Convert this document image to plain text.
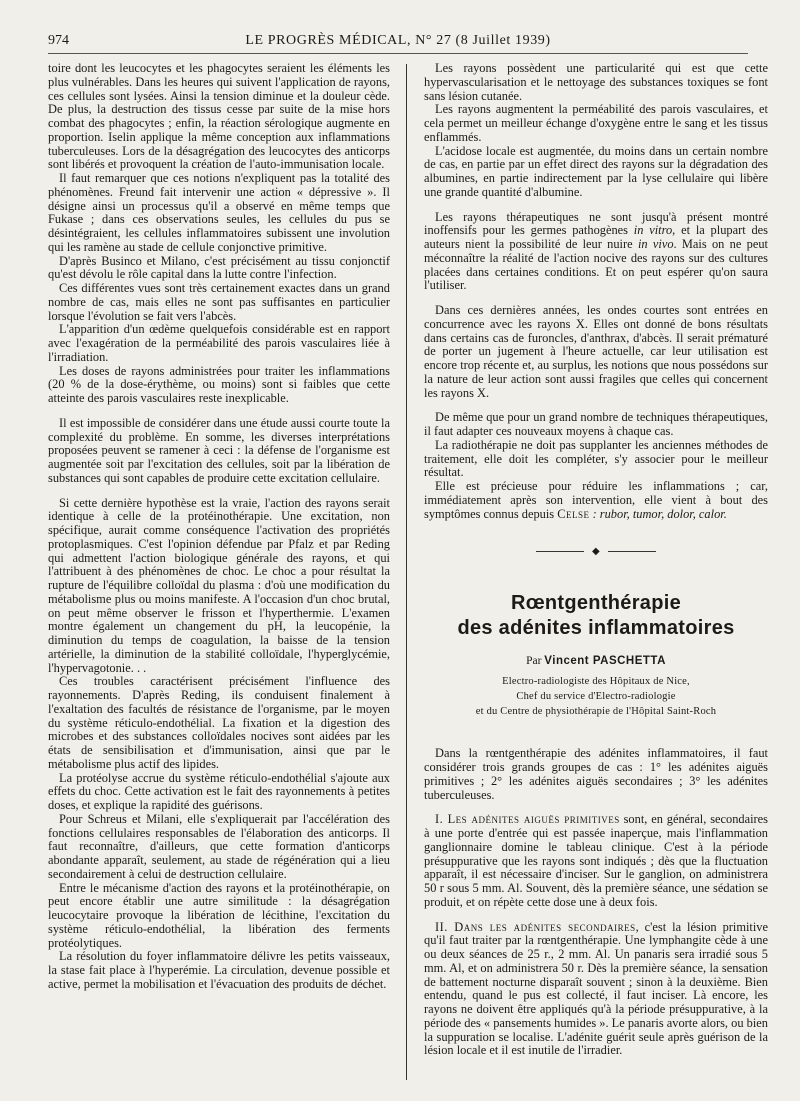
974	LE PROGRÈS MÉDICAL, N° 27 (8 Juillet 1939)

toire dont les leucocytes et les phagocytes seraient les éléments les plus vulnérables. Dans les heures qui suivent l'application de rayons, ces cellules sont lysées. Ainsi la tension diminue et la douleur cède. De plus, la destruction des tissus cesse par suite de la mise hors combat des phagocytes ; enfin, la réaction sérologique augmente en proportion. Iselin applique la même conception aux inflammations tuberculeuses. Lors de la désagrégation des leucocytes des anticorps sont libérés et provoquent la création de l'auto-immunisation locale.

Il faut remarquer que ces notions n'expliquent pas la totalité des phénomènes. Freund fait intervenir une action « dépressive ». Il désigne ainsi un processus qu'il a observé en même temps que Fukase ; dans ces observations seules, les cellules du pus se désintégraient, les cellules inflammatoires subissent une involution qui les ramène au stade de cellule conjonctive primitive.

D'après Businco et Milano, c'est précisément au tissu conjonctif qu'est dévolu le rôle capital dans la lutte contre l'infection.

Ces différentes vues sont très certainement exactes dans un grand nombre de cas, mais elles ne sont pas suffisantes en particulier lorsque l'évolution se fait vers l'abcès.

L'apparition d'un œdème quelquefois considérable est en rapport avec l'exagération de la perméabilité des parois vasculaires liée à l'irradiation.

Les doses de rayons administrées pour traiter les inflammations (20 % de la dose-érythème, ou moins) sont si faibles que cette atteinte des parois vasculaires reste inexplicable.

Il est impossible de considérer dans une étude aussi courte toute la complexité du problème. En somme, les diverses interprétations proposées peuvent se ramener à ceci : la défense de l'organisme est augmentée soit par l'excitation des cellules, soit par la libération de substances qui sont capables de produire cette excitation cellulaire.

Si cette dernière hypothèse est la vraie, l'action des rayons serait identique à celle de la protéinothérapie. Une excitation, non spécifique, aurait comme conséquence l'activation des propriétés protoplasmiques. C'est l'opinion défendue par Pfalz et par Reding qui admettent l'action biologique générale des rayons, et qui l'attribuent à des phénomènes de choc. Le choc a pour résultat la rupture de l'équilibre colloïdal du plasma : d'où une modification du métabolisme plus ou moins manifeste. A l'occasion d'un choc brutal, on peut même observer le frisson et l'hyperthermie. L'examen montre également un changement du pH, la leucopénie, la diminution du temps de coagulation, la baisse de la tension artérielle, la diminution de la stabilité colloïdale, l'hyperglycémie, l'hypervagotonie. . .

Ces troubles caractérisent précisément l'influence des rayonnements. D'après Reding, ils conduisent finalement à l'exaltation des facultés de résistance de l'organisme, par le moyen du système réticulo-endothélial. La fixation et la digestion des microbes et des substances colloïdales nocives sont aidées par les états de sensibilisation et d'immunisation, ainsi que par le métabolisme plus actif des lipides.

La protéolyse accrue du système réticulo-endothélial s'ajoute aux effets du choc. Cette activation est le fait des rayonnements à petites doses, et explique la rapidité des guérisons.

Pour Schreus et Milani, elle s'expliquerait par l'accélération des fonctions cellulaires responsables de l'élaboration des anticorps. Il faut reconnaître, d'ailleurs, que cette formation d'anticorps abondante apparaît, seulement, au stade de régénération qui a lieu secondairement à celui de destruction cellulaire.

Entre le mécanisme d'action des rayons et la protéinothérapie, on peut encore établir une autre similitude : la désagrégation leucocytaire provoque la libération de lécithine, l'excitation du système réticulo-endothélial, la libération des ferments protéolytiques.

La résolution du foyer inflammatoire délivre les petits vaisseaux, la stase fait place à l'hyperémie. La circulation, devenue possible et active, permet la mobilisation et l'évacuation des produits de déchet.

Les rayons possèdent une particularité qui est que cette hypervascularisation et le nettoyage des substances toxiques se font sans lésion cutanée.

Les rayons augmentent la perméabilité des parois vasculaires, et cela permet un meilleur échange d'oxygène entre le sang et les tissus enflammés.

L'acidose locale est augmentée, du moins dans un certain nombre de cas, en partie par un effet direct des rayons sur la dégradation des albumines, en partie indirectement par la lyse cellulaire qui libère une grande quantité d'albumine.

Les rayons thérapeutiques ne sont jusqu'à présent montré inoffensifs pour les germes pathogènes in vitro, et la plupart des auteurs nient la possibilité de leur nuire in vivo. Mais on ne peut méconnaître la réalité de l'action nocive des rayons sur des cultures placées dans certaines conditions. Et on peut espérer qu'on saura l'utiliser.

Dans ces dernières années, les ondes courtes sont entrées en concurrence avec les rayons X. Elles ont donné de bons résultats dans certains cas de furoncles, d'anthrax, d'abcès. Il serait prématuré de porter un jugement à l'heure actuelle, car leur utilisation est encore trop récente et, au surplus, les notions que nous possédons sur la nature de leur action sont aussi fragiles que celles qui concernent les rayons X.

De même que pour un grand nombre de techniques thérapeutiques, il faut adapter ces nouveaux moyens à chaque cas.

La radiothérapie ne doit pas supplanter les anciennes méthodes de traitement, elle doit les compléter, s'y associer pour le meilleur résultat.

Elle est précieuse pour réduire les inflammations ; car, immédiatement après son intervention, elle vient à bout des symptômes connus depuis Celse : rubor, tumor, dolor, calor.

◆
Rœntgenthérapie
des adénites inflammatoires
Par Vincent PASCHETTA
Electro-radiologiste des Hôpitaux de Nice,
Chef du service d'Electro-radiologie
et du Centre de physiothérapie de l'Hôpital Saint-Roch

Dans la rœntgenthérapie des adénites inflammatoires, il faut considérer trois grands groupes de cas : 1° les adénites aiguës primitives ; 2° les adénites aiguës secondaires ; 3° les adénites tuberculeuses.

I. Les adénites aiguës primitives sont, en général, secondaires à une porte d'entrée qui est passée inaperçue, mais l'inflammation ganglionnaire domine le tableau clinique. C'est à la période présuppurative que les rayons sont indiqués ; dès que la fluctuation apparaît, il est nécessaire d'inciser. Sur le ganglion, on administrera 50 r sous 5 mm. Al. Souvent, dès la première séance, une sédation se produit, et on répète cette dose une à deux fois.

II. Dans les adénites secondaires, c'est la lésion primitive qu'il faut traiter par la rœntgenthérapie. Une lymphangite cède à une ou deux séances de 25 r., 2 mm. Al. Un panaris sera irradié sous 5 mm. Al, et on administrera 50 r. Dès la première séance, la sensation de battement nocturne disparaît souvent ; sinon à la deuxième. Bien entendu, quand le pus est collecté, il faut inciser. Là encore, les rayons ne doivent être appliqués qu'à la période présuppurative, à la période des « pansements humides ». Le panaris avorte alors, ou bien la suppuration se localise. L'adénite guérit seule après guérison de la lésion locale et il est inutile de l'irradier.
